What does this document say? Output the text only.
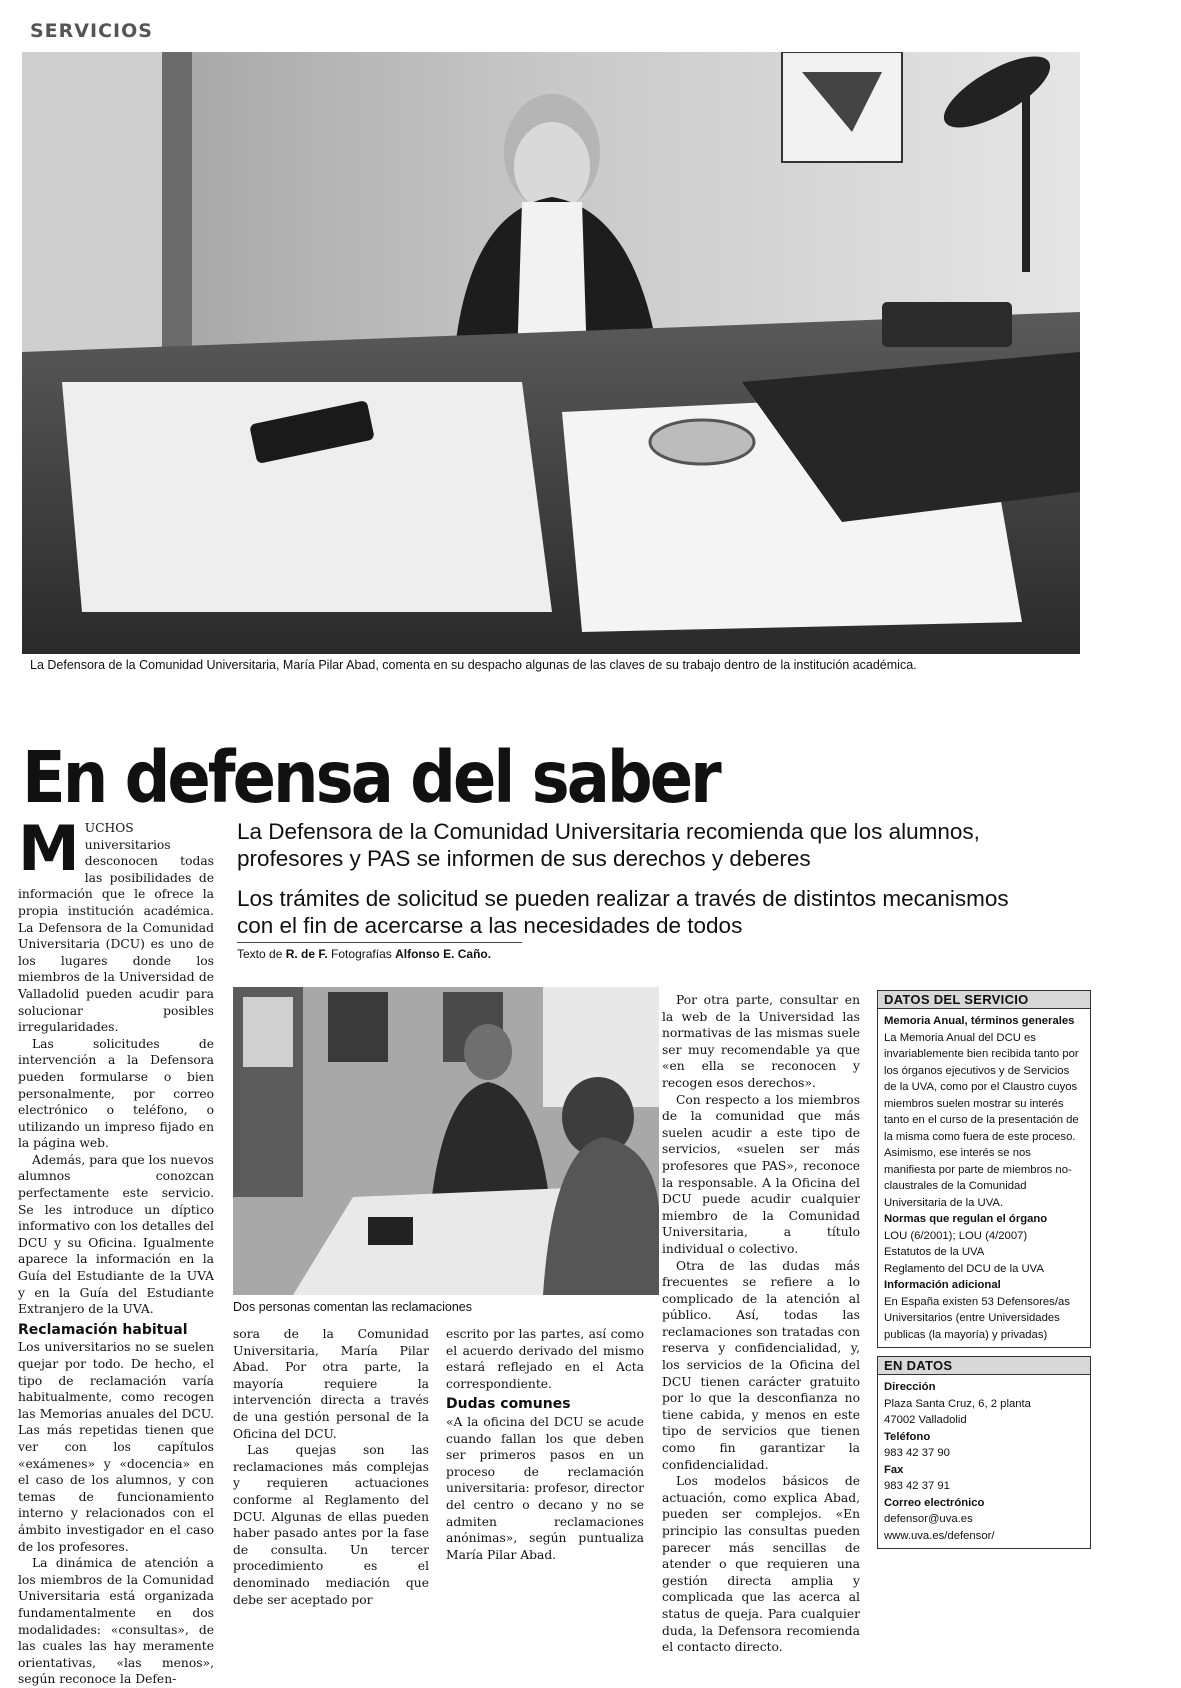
SERVICIOS
La Defensora de la Comunidad Universitaria, María Pilar Abad, comenta en su despacho algunas de las claves de su trabajo dentro de la institución académica.
En defensa del saber
La Defensora de la Comunidad Universitaria recomienda que los alumnos, profesores y PAS se informen de sus derechos y deberes
Los trámites de solicitud se pueden realizar a través de distintos mecanismos con el fin de acercarse a las necesidades de todos
Texto de R. de F. Fotografías Alfonso E. Caño.
M UCHOS universitarios desconocen todas las posibilidades de información que le ofrece la propia institución académica. La Defensora de la Comunidad Universitaria (DCU) es uno de los lugares donde los miembros de la Universidad de Valladolid pueden acudir para solucionar posibles irregularidades.

Las solicitudes de intervención a la Defensora pueden formularse o bien personalmente, por correo electrónico o teléfono, o utilizando un impreso fijado en la página web.

Además, para que los nuevos alumnos conozcan perfectamente este servicio. Se les introduce un díptico informativo con los detalles del DCU y su Oficina. Igualmente aparece la información en la Guía del Estudiante de la UVA y en la Guía del Estudiante Extranjero de la UVA.

Reclamación habitual

Los universitarios no se suelen quejar por todo. De hecho, el tipo de reclamación varía habitualmente, como recogen las Memorias anuales del DCU. Las más repetidas tienen que ver con los capítulos «exámenes» y «docencia» en el caso de los alumnos, y con temas de funcionamiento interno y relacionados con el ámbito investigador en el caso de los profesores.

La dinámica de atención a los miembros de la Comunidad Universitaria está organizada fundamentalmente en dos modalidades: «consultas», de las cuales las hay meramente orientativas, «las menos», según reconoce la Defen-

Dos personas comentan las reclamaciones

sora de la Comunidad Universitaria, María Pilar Abad. Por otra parte, la mayoría requiere la intervención directa a través de una gestión personal de la Oficina del DCU.

Las quejas son las reclamaciones más complejas y requieren actuaciones conforme al Reglamento del DCU. Algunas de ellas pueden haber pasado antes por la fase de consulta. Un tercer procedimiento es el denominado mediación que debe ser aceptado por

escrito por las partes, así como el acuerdo derivado del mismo estará reflejado en el Acta correspondiente.

Dudas comunes

«A la oficina del DCU se acude cuando fallan los que deben ser primeros pasos en un proceso de reclamación universitaria: profesor, director del centro o decano y no se admiten reclamaciones anónimas», según puntualiza María Pilar Abad.

Por otra parte, consultar en la web de la Universidad las normativas de las mismas suele ser muy recomendable ya que «en ella se reconocen y recogen esos derechos».

Con respecto a los miembros de la comunidad que más suelen acudir a este tipo de servicios, «suelen ser más profesores que PAS», reconoce la responsable. A la Oficina del DCU puede acudir cualquier miembro de la Comunidad Universitaria, a título individual o colectivo.

Otra de las dudas más frecuentes se refiere a lo complicado de la atención al público. Así, todas las reclamaciones son tratadas con reserva y confidencialidad, y, los servicios de la Oficina del DCU tienen carácter gratuito por lo que la desconfianza no tiene cabida, y menos en este tipo de servicios que tienen como fin garantizar la confidencialidad.

Los modelos básicos de actuación, como explica Abad, pueden ser complejos. «En principio las consultas pueden parecer más sencillas de atender o que requieren una gestión directa amplia y complicada que las acerca al status de queja. Para cualquier duda, la Defensora recomienda el contacto directo.

DATOS DEL SERVICIO
Memoria Anual, términos generales
La Memoria Anual del DCU es invariablemente bien recibida tanto por los órganos ejecutivos y de Servicios de la UVA, como por el Claustro cuyos miembros suelen mostrar su interés tanto en el curso de la presentación de la misma como fuera de este proceso. Asimismo, ese interés se nos manifiesta por parte de miembros no-claustrales de la Comunidad Universitaria de la UVA.
Normas que regulan el órgano
LOU (6/2001); LOU (4/2007)
Estatutos de la UVA
Reglamento del DCU de la UVA
Información adicional
En España existen 53 Defensores/as Universitarios (entre Universidades publicas (la mayoría) y privadas)
EN DATOS
Dirección
Plaza Santa Cruz, 6, 2 planta
47002 Valladolid
Teléfono
983 42 37 90
Fax
983 42 37 91
Correo electrónico
defensor@uva.es
www.uva.es/defensor/
